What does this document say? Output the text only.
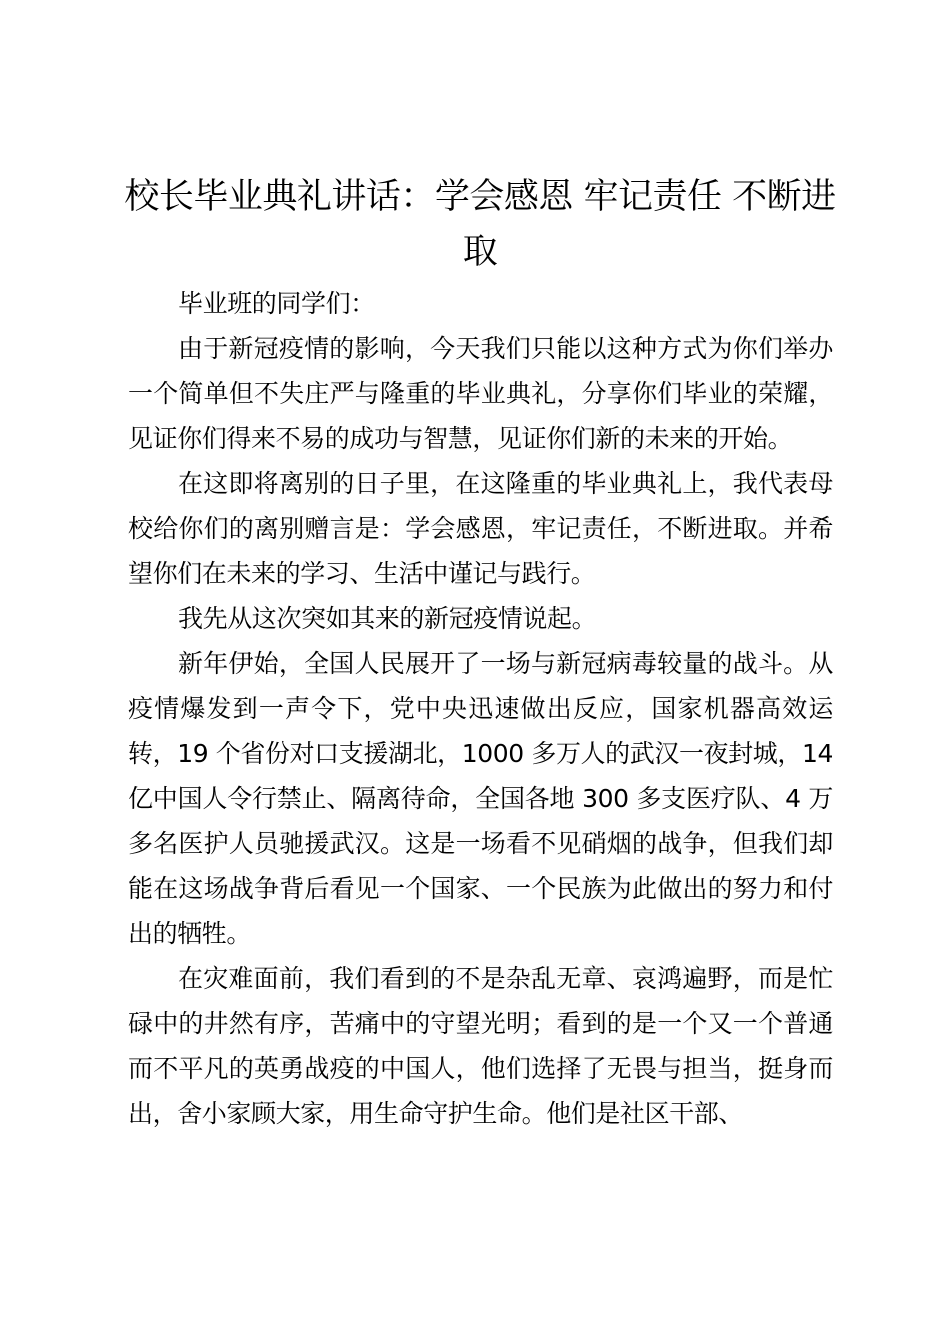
校长毕业典礼讲话：学会感恩 牢记责任 不断进取

毕业班的同学们：

由于新冠疫情的影响，今天我们只能以这种方式为你们举办一个简单但不失庄严与隆重的毕业典礼，分享你们毕业的荣耀，见证你们得来不易的成功与智慧，见证你们新的未来的开始。

在这即将离别的日子里，在这隆重的毕业典礼上，我代表母校给你们的离别赠言是：学会感恩，牢记责任，不断进取。并希望你们在未来的学习、生活中谨记与践行。

我先从这次突如其来的新冠疫情说起。

新年伊始，全国人民展开了一场与新冠病毒较量的战斗。从疫情爆发到一声令下，党中央迅速做出反应，国家机器高效运转，19 个省份对口支援湖北，1000 多万人的武汉一夜封城，14 亿中国人令行禁止、隔离待命，全国各地 300 多支医疗队、4 万多名医护人员驰援武汉。这是一场看不见硝烟的战争，但我们却能在这场战争背后看见一个国家、一个民族为此做出的努力和付出的牺牲。

在灾难面前，我们看到的不是杂乱无章、哀鸿遍野，而是忙碌中的井然有序，苦痛中的守望光明；看到的是一个又一个普通而不平凡的英勇战疫的中国人，他们选择了无畏与担当，挺身而出，舍小家顾大家，用生命守护生命。他们是社区干部、
